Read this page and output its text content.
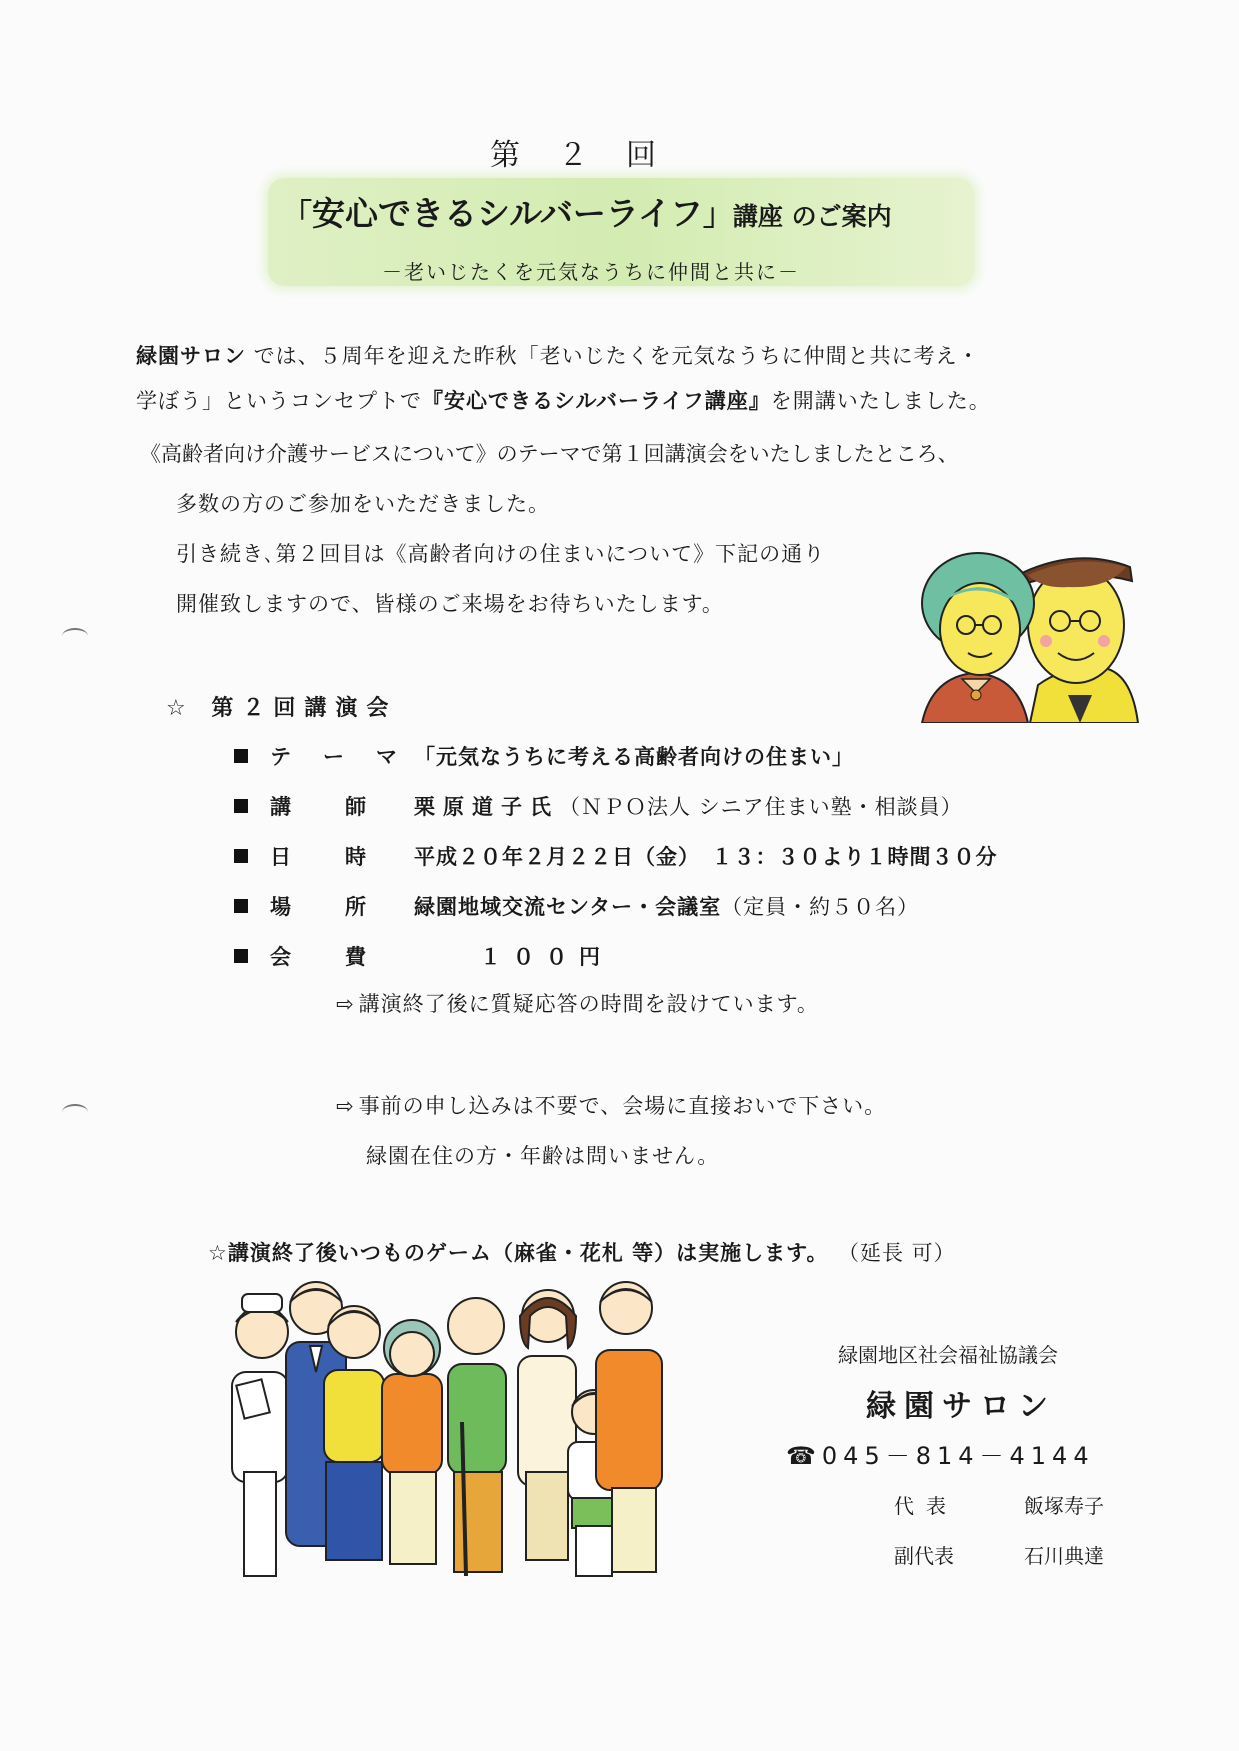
第　２　回
「安心できるシルバーライフ」講座 のご案内
－老いじたくを元気なうちに仲間と共に－
緑園サロン では、５周年を迎えた昨秋「老いじたくを元気なうちに仲間と共に考え・
学ぼう」というコンセプトで『安心できるシルバーライフ講座』を開講いたしました。
《高齢者向け介護サービスについて》のテーマで第１回講演会をいたしましたところ、
多数の方のご参加をいただきました。
引き続き､第２回目は《高齢者向けの住まいについて》下記の通り
開催致しますので、皆様のご来場をお待ちいたします。
☆ 第２回講演会
テーマ
「元気なうちに考える高齢者向けの住まい」
講師
栗原道子氏（ＮＰＯ法人 シニア住まい塾・相談員）
日時
平成２０年２月２２日（金）　１３：３０より１時間３０分
場所
緑園地域交流センター・会議室（定員・約５０名）
会費
　　１００円
⇨ 講演終了後に質疑応答の時間を設けています。
⇨ 事前の申し込みは不要で、会場に直接おいで下さい。
緑園在住の方・年齢は問いません。
☆講演終了後いつものゲーム（麻雀・花札 等）は実施します。 （延長 可）
緑園地区社会福祉協議会
緑園サロン
☎045－814－4144
代表	飯塚寿子
副代表	石川典達
